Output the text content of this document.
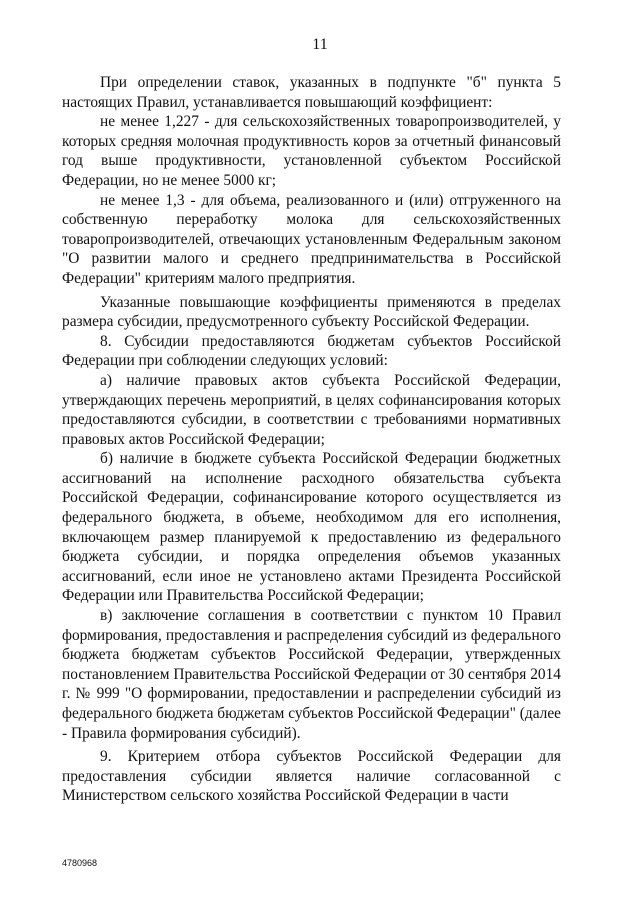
11

При определении ставок, указанных в подпункте "б" пункта 5 настоящих Правил, устанавливается повышающий коэффициент:

не менее 1,227 - для сельскохозяйственных товаропроизводителей, у которых средняя молочная продуктивность коров за отчетный финансовый год выше продуктивности, установленной субъектом Российской Федерации, но не менее 5000 кг;

не менее 1,3 - для объема, реализованного и (или) отгруженного на собственную переработку молока для сельскохозяйственных товаропроизводителей, отвечающих установленным Федеральным законом "О развитии малого и среднего предпринимательства в Российской Федерации" критериям малого предприятия.

Указанные повышающие коэффициенты применяются в пределах размера субсидии, предусмотренного субъекту Российской Федерации.

8. Субсидии предоставляются бюджетам субъектов Российской Федерации при соблюдении следующих условий:

а) наличие правовых актов субъекта Российской Федерации, утверждающих перечень мероприятий, в целях софинансирования которых предоставляются субсидии, в соответствии с требованиями нормативных правовых актов Российской Федерации;

б) наличие в бюджете субъекта Российской Федерации бюджетных ассигнований на исполнение расходного обязательства субъекта Российской Федерации, софинансирование которого осуществляется из федерального бюджета, в объеме, необходимом для его исполнения, включающем размер планируемой к предоставлению из федерального бюджета субсидии, и порядка определения объемов указанных ассигнований, если иное не установлено актами Президента Российской Федерации или Правительства Российской Федерации;

в) заключение соглашения в соответствии с пунктом 10 Правил формирования, предоставления и распределения субсидий из федерального бюджета бюджетам субъектов Российской Федерации, утвержденных постановлением Правительства Российской Федерации от 30 сентября 2014 г. № 999 "О формировании, предоставлении и распределении субсидий из федерального бюджета бюджетам субъектов Российской Федерации" (далее - Правила формирования субсидий).

9. Критерием отбора субъектов Российской Федерации для предоставления субсидии является наличие согласованной с Министерством сельского хозяйства Российской Федерации в части

4780968
